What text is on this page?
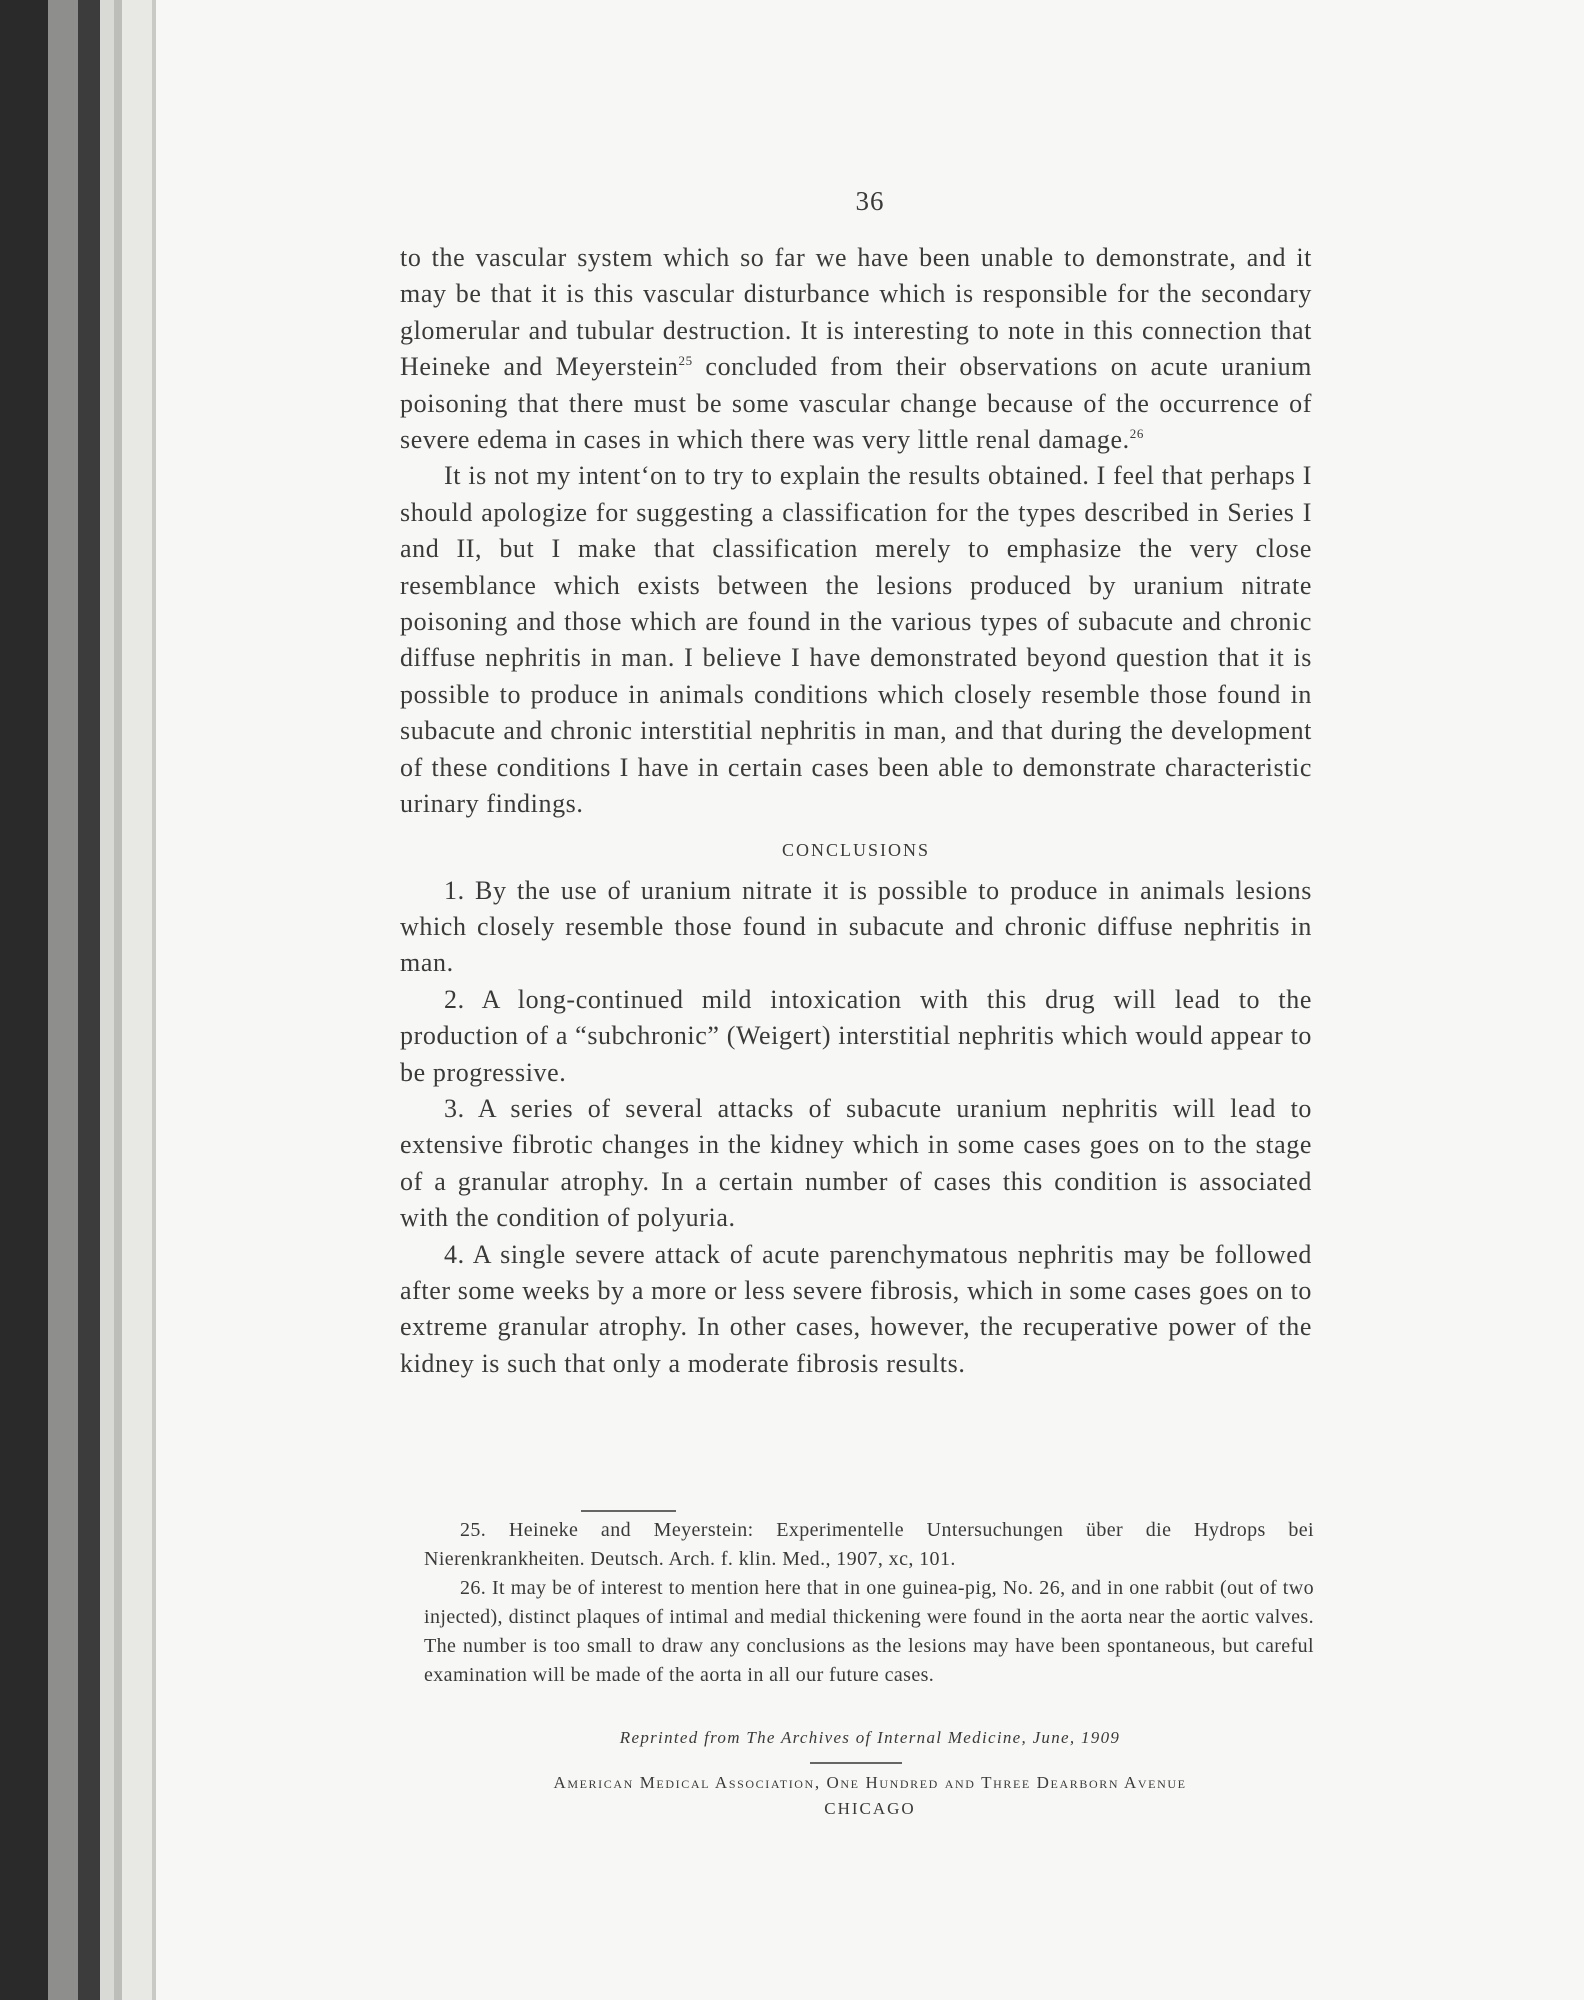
36

to the vascular system which so far we have been unable to demonstrate, and it may be that it is this vascular disturbance which is responsible for the secondary glomerular and tubular destruction. It is interesting to note in this connection that Heineke and Meyerstein$^{25}$ concluded from their observations on acute uranium poisoning that there must be some vascular change because of the occurrence of severe edema in cases in which there was very little renal damage.$^{26}$

It is not my intent‘on to try to explain the results obtained. I feel that perhaps I should apologize for suggesting a classification for the types described in Series I and II, but I make that classification merely to emphasize the very close resemblance which exists between the lesions produced by uranium nitrate poisoning and those which are found in the various types of subacute and chronic diffuse nephritis in man. I believe I have demonstrated beyond question that it is possible to produce in animals conditions which closely resemble those found in subacute and chronic interstitial nephritis in man, and that during the development of these conditions I have in certain cases been able to demonstrate characteristic urinary findings.

CONCLUSIONS

1. By the use of uranium nitrate it is possible to produce in animals lesions which closely resemble those found in subacute and chronic diffuse nephritis in man.

2. A long-continued mild intoxication with this drug will lead to the production of a “subchronic” (Weigert) interstitial nephritis which would appear to be progressive.

3. A series of several attacks of subacute uranium nephritis will lead to extensive fibrotic changes in the kidney which in some cases goes on to the stage of a granular atrophy. In a certain number of cases this condition is associated with the condition of polyuria.

4. A single severe attack of acute parenchymatous nephritis may be followed after some weeks by a more or less severe fibrosis, which in some cases goes on to extreme granular atrophy. In other cases, however, the recuperative power of the kidney is such that only a moderate fibrosis results.

25. Heineke and Meyerstein: Experimentelle Untersuchungen über die Hydrops bei Nierenkrankheiten. Deutsch. Arch. f. klin. Med., 1907, xc, 101.

26. It may be of interest to mention here that in one guinea-pig, No. 26, and in one rabbit (out of two injected), distinct plaques of intimal and medial thickening were found in the aorta near the aortic valves. The number is too small to draw any conclusions as the lesions may have been spontaneous, but careful examination will be made of the aorta in all our future cases.

Reprinted from The Archives of Internal Medicine, June, 1909
American Medical Association, One Hundred and Three Dearborn Avenue
CHICAGO
